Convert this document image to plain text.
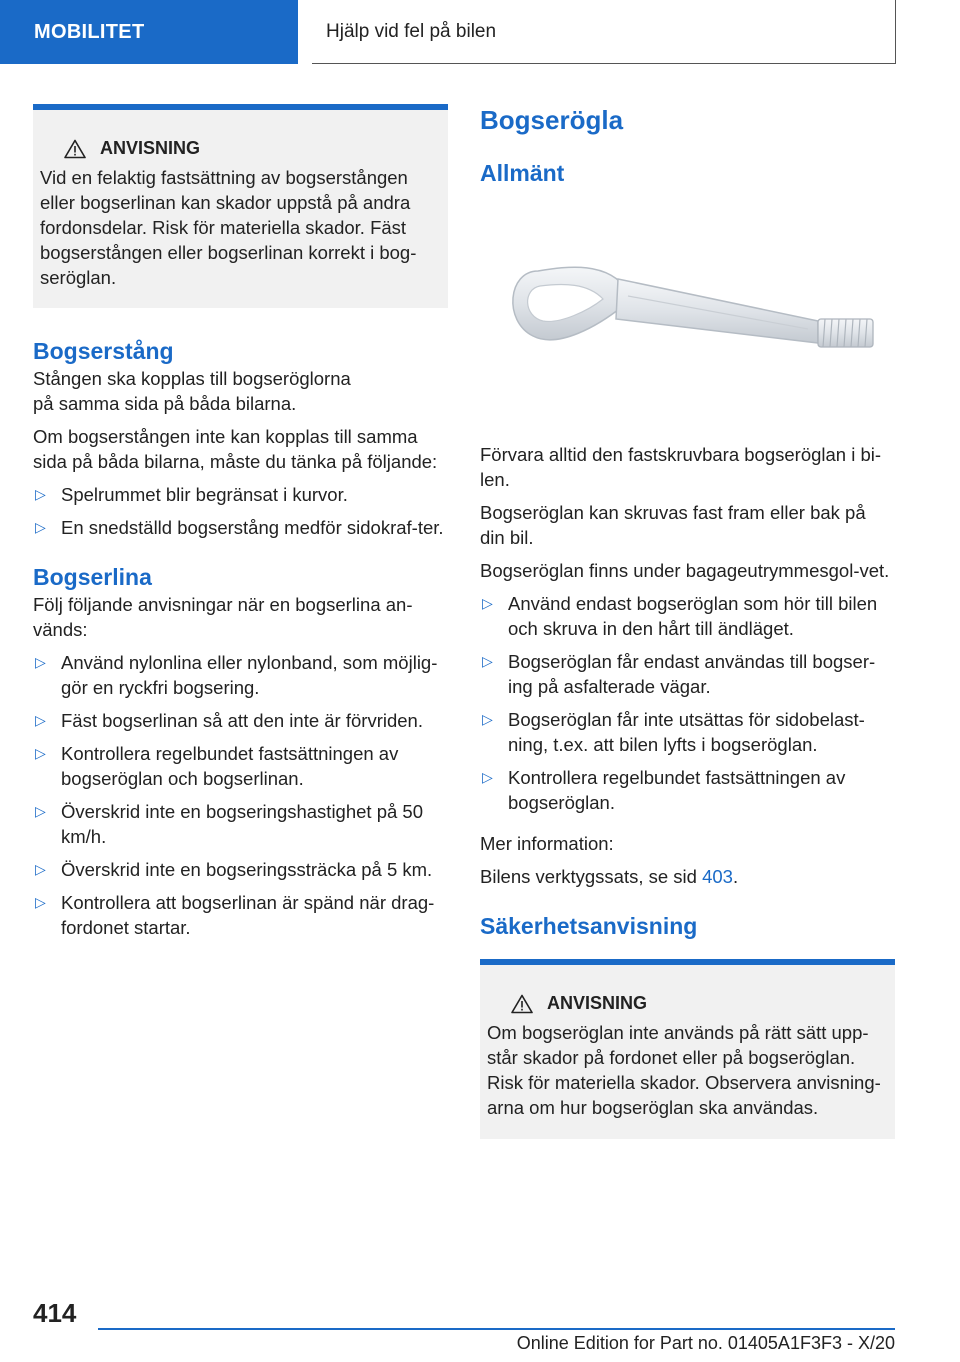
MOBILITET	Hjälp vid fel på bilen
ANVISNING

Vid en felaktig fastsättning av bogserstången eller bogserlinan kan skador uppstå på andra fordonsdelar. Risk för materiella skador. Fäst bogserstången eller bogserlinan korrekt i bog-seröglan.

Bogserstång

Stången ska kopplas till bogseröglorna på samma sida på båda bilarna.

Om bogserstången inte kan kopplas till samma sida på båda bilarna, måste du tänka på följande:

▷ Spelrummet blir begränsat i kurvor.
▷ En snedställd bogserstång medför sidokraf-ter.
Bogserlina

Följ följande anvisningar när en bogserlina an-vänds:

▷ Använd nylonlina eller nylonband, som möjlig-gör en ryckfri bogsering.
▷ Fäst bogserlinan så att den inte är förvriden.
▷ Kontrollera regelbundet fastsättningen av bogseröglan och bogserlinan.
▷ Överskrid inte en bogseringshastighet på 50 km/h.
▷ Överskrid inte en bogseringssträcka på 5 km.
▷ Kontrollera att bogserlinan är spänd när drag-fordonet startar.
Bogserögla
Allmänt

Förvara alltid den fastskruvbara bogseröglan i bi-len.

Bogseröglan kan skruvas fast fram eller bak på din bil.

Bogseröglan finns under bagageutrymmesgol-vet.

▷ Använd endast bogseröglan som hör till bilen och skruva in den hårt till ändläget.
▷ Bogseröglan får endast användas till bogser-ing på asfalterade vägar.
▷ Bogseröglan får inte utsättas för sidobelast-ning, t.ex. att bilen lyfts i bogseröglan.
▷ Kontrollera regelbundet fastsättningen av bogseröglan.

Mer information:

Bilens verktygssats, se sid 403.

Säkerhetsanvisning
ANVISNING

Om bogseröglan inte används på rätt sätt upp-står skador på fordonet eller på bogseröglan. Risk för materiella skador. Observera anvisning-arna om hur bogseröglan ska användas.

414
Online Edition for Part no. 01405A1F3F3 - X/20
